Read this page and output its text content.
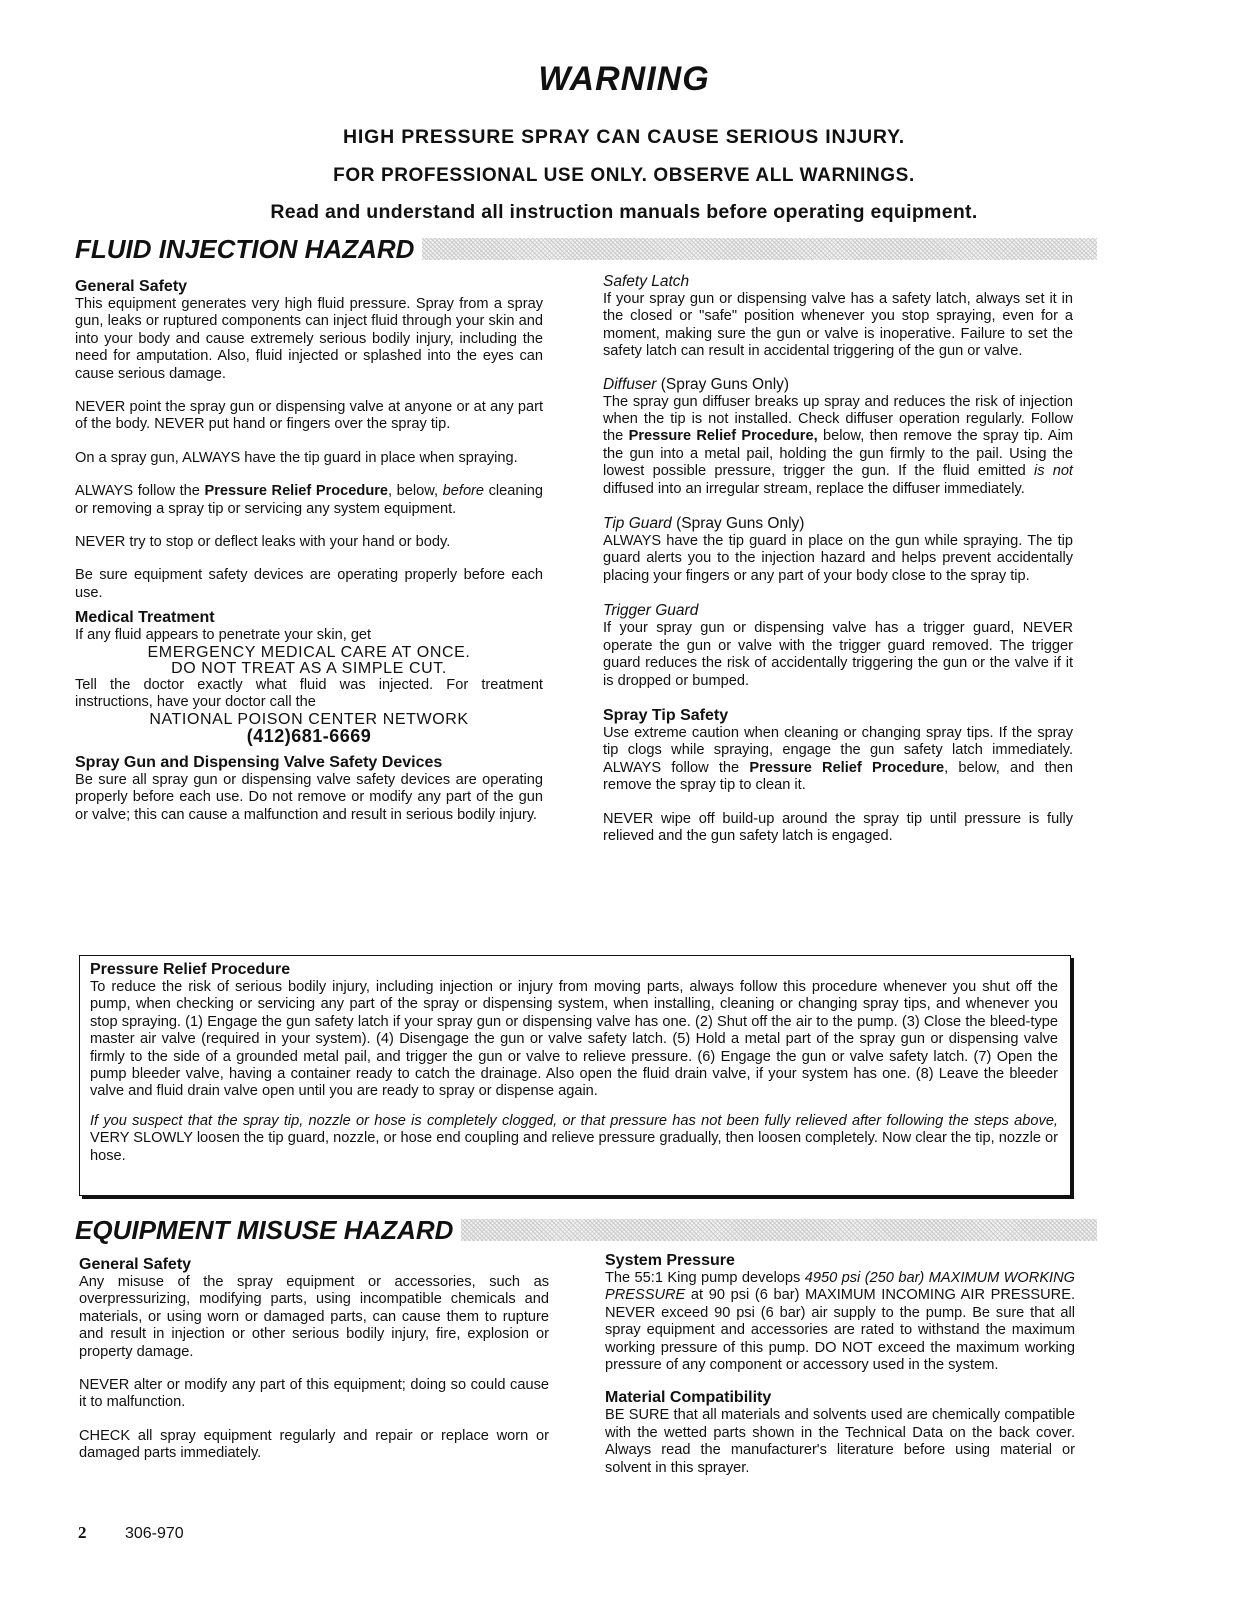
WARNING
HIGH PRESSURE SPRAY CAN CAUSE SERIOUS INJURY.
FOR PROFESSIONAL USE ONLY. OBSERVE ALL WARNINGS.
Read and understand all instruction manuals before operating equipment.
FLUID INJECTION HAZARD
General Safety

This equipment generates very high fluid pressure. Spray from a spray gun, leaks or ruptured components can inject fluid through your skin and into your body and cause extremely serious bodily injury, including the need for amputation. Also, fluid injected or splashed into the eyes can cause serious damage.

NEVER point the spray gun or dispensing valve at anyone or at any part of the body. NEVER put hand or fingers over the spray tip.

On a spray gun, ALWAYS have the tip guard in place when spraying.

ALWAYS follow the Pressure Relief Procedure, below, before cleaning or removing a spray tip or servicing any system equipment.

NEVER try to stop or deflect leaks with your hand or body.

Be sure equipment safety devices are operating properly before each use.

Medical Treatment
If any fluid appears to penetrate your skin, get
EMERGENCY MEDICAL CARE AT ONCE.
DO NOT TREAT AS A SIMPLE CUT.
Tell the doctor exactly what fluid was injected. For treatment instructions, have your doctor call the
NATIONAL POISON CENTER NETWORK
(412)681-6669
Spray Gun and Dispensing Valve Safety Devices

Be sure all spray gun or dispensing valve safety devices are operating properly before each use. Do not remove or modify any part of the gun or valve; this can cause a malfunction and result in serious bodily injury.

Safety Latch

If your spray gun or dispensing valve has a safety latch, always set it in the closed or "safe" position whenever you stop spraying, even for a moment, making sure the gun or valve is inoperative. Failure to set the safety latch can result in accidental triggering of the gun or valve.

Diffuser (Spray Guns Only)

The spray gun diffuser breaks up spray and reduces the risk of injection when the tip is not installed. Check diffuser operation regularly. Follow the Pressure Relief Procedure, below, then remove the spray tip. Aim the gun into a metal pail, holding the gun firmly to the pail. Using the lowest possible pressure, trigger the gun. If the fluid emitted is not diffused into an irregular stream, replace the diffuser immediately.

Tip Guard (Spray Guns Only)

ALWAYS have the tip guard in place on the gun while spraying. The tip guard alerts you to the injection hazard and helps prevent accidentally placing your fingers or any part of your body close to the spray tip.

Trigger Guard

If your spray gun or dispensing valve has a trigger guard, NEVER operate the gun or valve with the trigger guard removed. The trigger guard reduces the risk of accidentally triggering the gun or the valve if it is dropped or bumped.

Spray Tip Safety

Use extreme caution when cleaning or changing spray tips. If the spray tip clogs while spraying, engage the gun safety latch immediately. ALWAYS follow the Pressure Relief Procedure, below, and then remove the spray tip to clean it.

NEVER wipe off build-up around the spray tip until pressure is fully relieved and the gun safety latch is engaged.

Pressure Relief Procedure

To reduce the risk of serious bodily injury, including injection or injury from moving parts, always follow this procedure whenever you shut off the pump, when checking or servicing any part of the spray or dispensing system, when installing, cleaning or changing spray tips, and whenever you stop spraying. (1) Engage the gun safety latch if your spray gun or dispensing valve has one. (2) Shut off the air to the pump. (3) Close the bleed-type master air valve (required in your system). (4) Disengage the gun or valve safety latch. (5) Hold a metal part of the spray gun or dispensing valve firmly to the side of a grounded metal pail, and trigger the gun or valve to relieve pressure. (6) Engage the gun or valve safety latch. (7) Open the pump bleeder valve, having a container ready to catch the drainage. Also open the fluid drain valve, if your system has one. (8) Leave the bleeder valve and fluid drain valve open until you are ready to spray or dispense again.

If you suspect that the spray tip, nozzle or hose is completely clogged, or that pressure has not been fully relieved after following the steps above, VERY SLOWLY loosen the tip guard, nozzle, or hose end coupling and relieve pressure gradually, then loosen completely. Now clear the tip, nozzle or hose.

EQUIPMENT MISUSE HAZARD
General Safety

Any misuse of the spray equipment or accessories, such as overpressurizing, modifying parts, using incompatible chemicals and materials, or using worn or damaged parts, can cause them to rupture and result in injection or other serious bodily injury, fire, explosion or property damage.

NEVER alter or modify any part of this equipment; doing so could cause it to malfunction.

CHECK all spray equipment regularly and repair or replace worn or damaged parts immediately.

System Pressure

The 55:1 King pump develops 4950 psi (250 bar) MAXIMUM WORKING PRESSURE at 90 psi (6 bar) MAXIMUM INCOMING AIR PRESSURE. NEVER exceed 90 psi (6 bar) air supply to the pump. Be sure that all spray equipment and accessories are rated to withstand the maximum working pressure of this pump. DO NOT exceed the maximum working pressure of any component or accessory used in the system.

Material Compatibility

BE SURE that all materials and solvents used are chemically compatible with the wetted parts shown in the Technical Data on the back cover. Always read the manufacturer's literature before using material or solvent in this sprayer.

2 306-970
